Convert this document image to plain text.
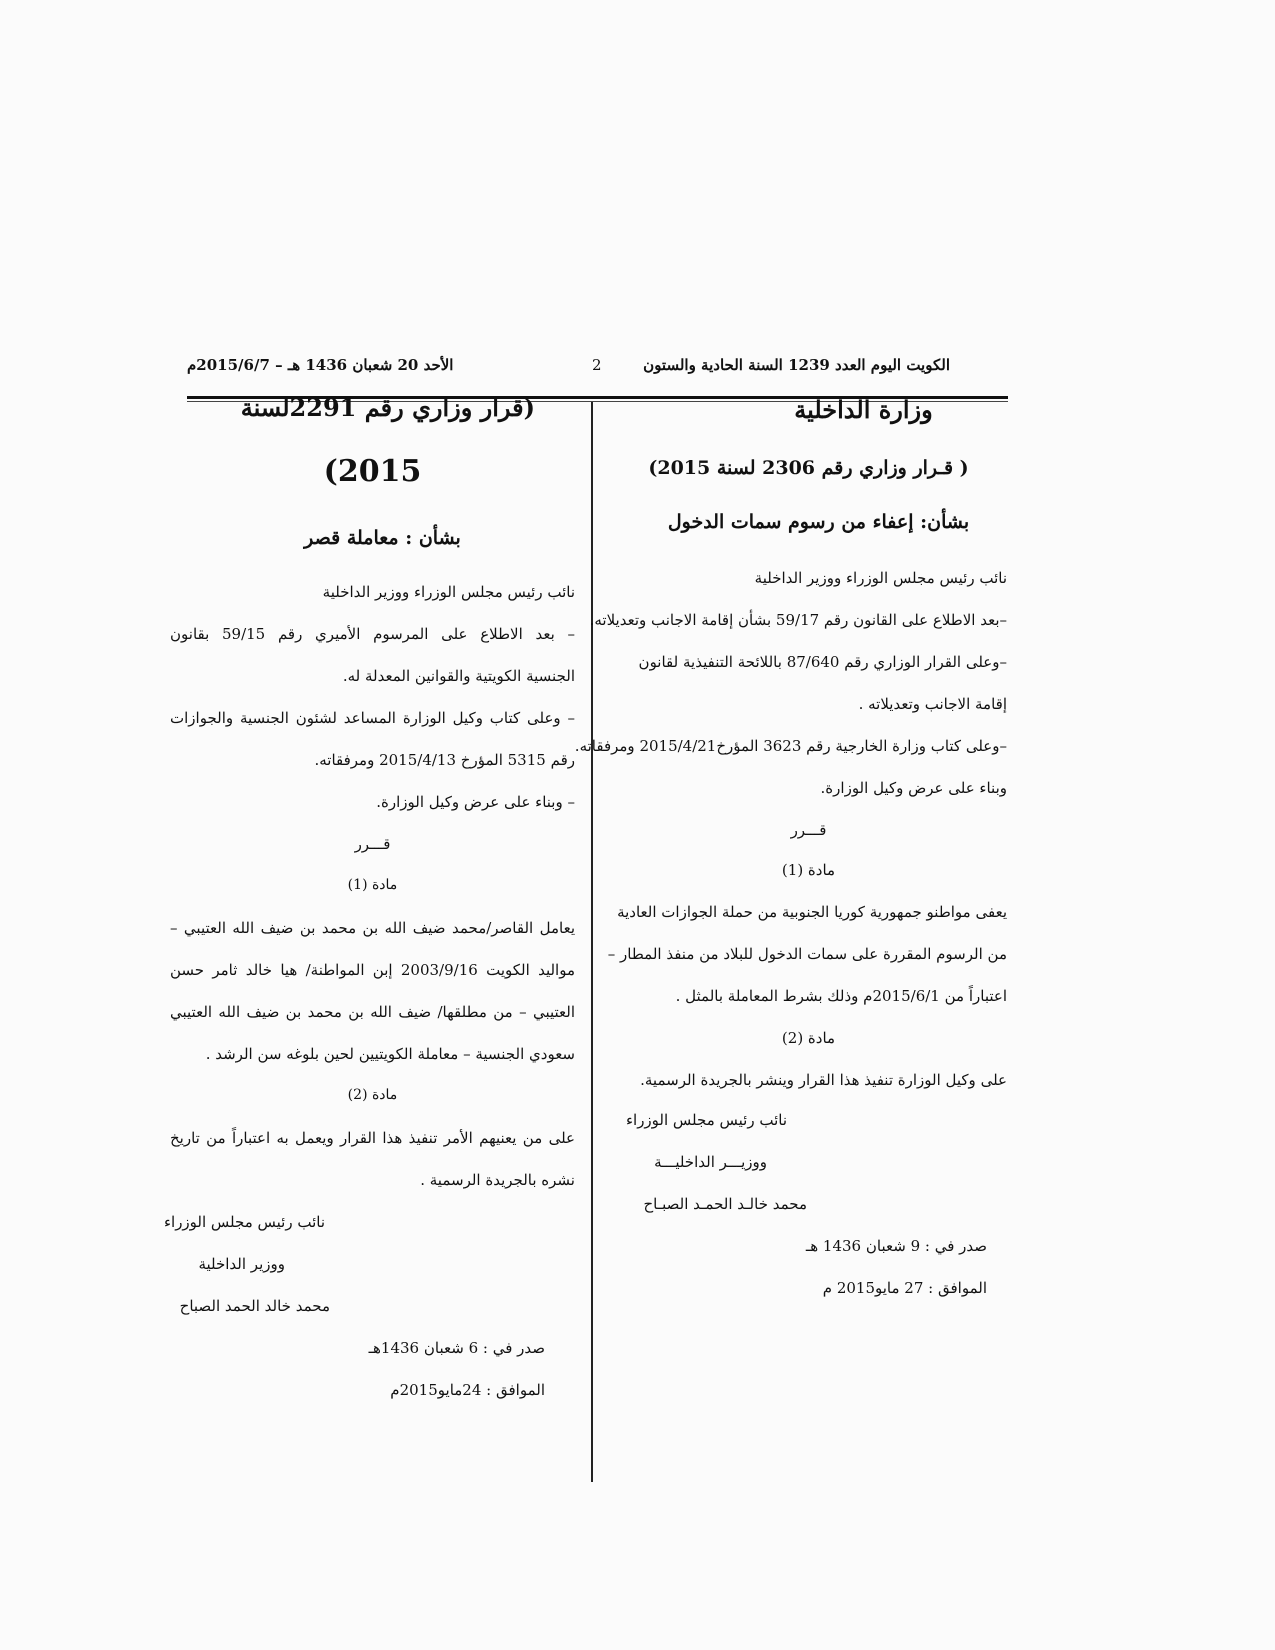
الكويت اليوم العدد 1239 السنة الحادية والستون
2
الأحد 20 شعبان 1436 هـ – 2015/6/7م
وزارة الداخلية
( قـرار وزاري رقم 2306 لسنة 2015)
بشأن: إعفاء من رسوم سمات الدخول
نائب رئيس مجلس الوزراء ووزير الداخلية
–بعد الاطلاع على القانون رقم 59/17 بشأن إقامة الاجانب وتعديلاته.
–وعلى القرار الوزاري رقم 87/640 باللائحة التنفيذية لقانون
إقامة الاجانب وتعديلاته .
–وعلى كتاب وزارة الخارجية رقم 3623 المؤرخ2015/4/21 ومرفقاته.
وبناء على عرض وكيل الوزارة.
قـــرر
مادة (1)
يعفى مواطنو جمهورية كوريا الجنوبية من حملة الجوازات العادية
من الرسوم المقررة على سمات الدخول للبلاد من منفذ المطار –
اعتباراً من 2015/6/1م وذلك بشرط المعاملة بالمثل .
مادة (2)
على وكيل الوزارة تنفيذ هذا القرار وينشر بالجريدة الرسمية.
نائب رئيس مجلس الوزراء
ووزيـــر الداخليـــة
محمد خالـد الحمـد الصبـاح
صدر في : 9 شعبان 1436 هـ
الموافق : 27 مايو2015 م
(قرار وزاري رقم 2291لسنة
2015)
بشأن : معاملة قصر
نائب رئيس مجلس الوزراء ووزير الداخلية
– بعد الاطلاع على المرسوم الأميري رقم 59/15 بقانون
الجنسية الكويتية والقوانين المعدلة له.
– وعلى كتاب وكيل الوزارة المساعد لشئون الجنسية والجوازات
رقم 5315 المؤرخ 2015/4/13 ومرفقاته.
– وبناء على عرض وكيل الوزارة.
قـــرر
مادة (1)
يعامل القاصر/محمد ضيف الله بن محمد بن ضيف الله العتيبي –
مواليد الكويت 2003/9/16 إبن المواطنة/ هيا خالد ثامر حسن
العتيبي – من مطلقها/ ضيف الله بن محمد بن ضيف الله العتيبي
سعودي الجنسية – معاملة الكويتيين لحين بلوغه سن الرشد .
مادة (2)
على من يعنيهم الأمر تنفيذ هذا القرار ويعمل به اعتباراً من تاريخ
نشره بالجريدة الرسمية .
نائب رئيس مجلس الوزراء
ووزير الداخلية
محمد خالد الحمد الصباح
صدر في : 6 شعبان 1436هـ
الموافق : 24مايو2015م
